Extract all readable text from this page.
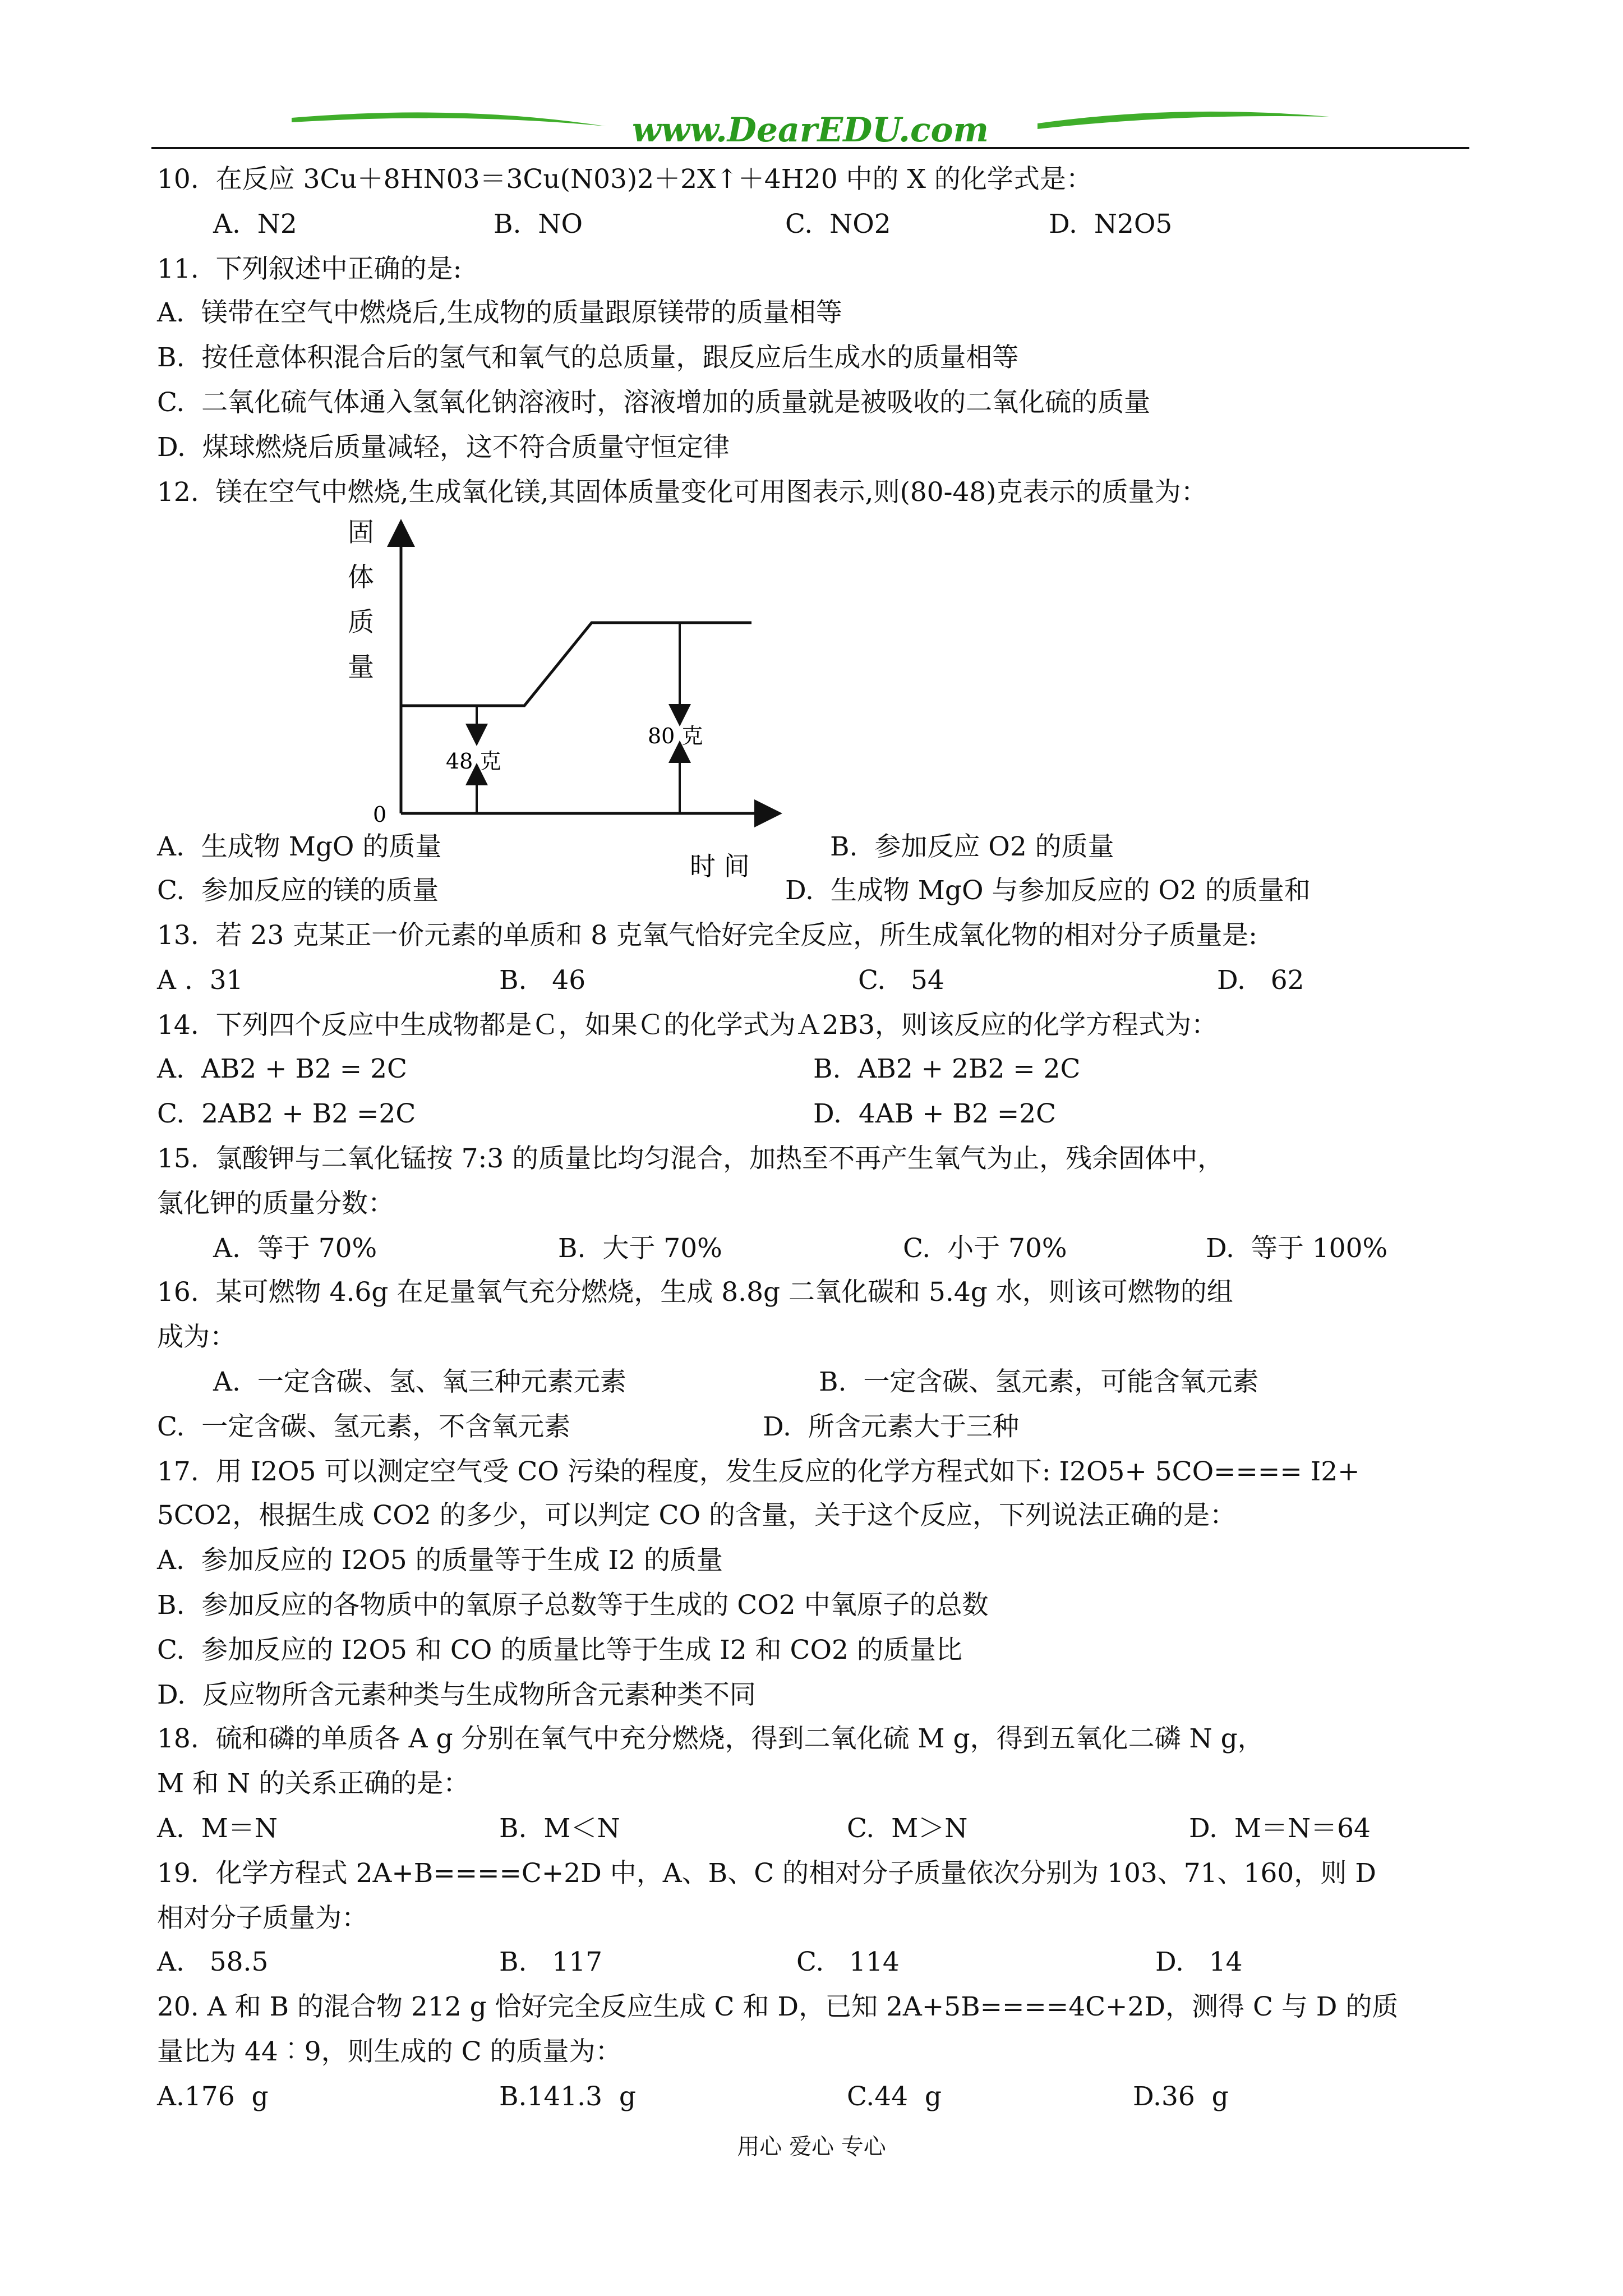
www.DearEDU.com
10.  在反应 3Cu＋8HN03＝3Cu(N03)2＋2X↑＋4H20 中的 X 的化学式是：
A.  N2	B.  NO	C.  NO2	D.  N2O5
11.  下列叙述中正确的是:
A.  镁带在空气中燃烧后,生成物的质量跟原镁带的质量相等
B.  按任意体积混合后的氢气和氧气的总质量，跟反应后生成水的质量相等
C.  二氧化硫气体通入氢氧化钠溶液时，溶液增加的质量就是被吸收的二氧化硫的质量
D.  煤球燃烧后质量减轻，这不符合质量守恒定律
12.  镁在空气中燃烧,生成氧化镁,其固体质量变化可用图表示,则(80-48)克表示的质量为：
A.  生成物 MgO 的质量	B.  参加反应 O2 的质量
C.  参加反应的镁的质量	D.  生成物 MgO 与参加反应的 O2 的质量和
13.  若 23 克某正一价元素的单质和 8 克氧气恰好完全反应，所生成氧化物的相对分子质量是:
A .  31	B.   46	C.   54	D.   62
14.  下列四个反应中生成物都是Ｃ，如果Ｃ的化学式为Ａ2B3，则该反应的化学方程式为：
A.  AB2 + B2 = 2C	B.  AB2 + 2B2 = 2C
C.  2AB2 + B2 =2C	D.  4AB + B2 =2C
15.  氯酸钾与二氧化锰按 7:3 的质量比均匀混合，加热至不再产生氧气为止，残余固体中，
氯化钾的质量分数：
A.  等于 70%	B.  大于 70%	C.  小于 70%	D.  等于 100%
16.  某可燃物 4.6g 在足量氧气充分燃烧，生成 8.8g 二氧化碳和 5.4g 水，则该可燃物的组
成为：
A.  一定含碳、氢、氧三种元素元素	B.  一定含碳、氢元素，可能含氧元素
C.  一定含碳、氢元素，不含氧元素	D.  所含元素大于三种
17.  用 I2O5 可以测定空气受 CO 污染的程度，发生反应的化学方程式如下: I2O5+ 5CO==== I2+
5CO2，根据生成 CO2 的多少，可以判定 CO 的含量，关于这个反应，下列说法正确的是：
A.  参加反应的 I2O5 的质量等于生成 I2 的质量
B.  参加反应的各物质中的氧原子总数等于生成的 CO2 中氧原子的总数
C.  参加反应的 I2O5 和 CO 的质量比等于生成 I2 和 CO2 的质量比
D.  反应物所含元素种类与生成物所含元素种类不同
18.  硫和磷的单质各 A g 分别在氧气中充分燃烧，得到二氧化硫 M g，得到五氧化二磷 N g，
M 和 N 的关系正确的是：
A.  M＝N	B.  M＜N	C.  M＞N	D.  M＝N＝64
19.  化学方程式 2A+B====C+2D 中，A、B、C 的相对分子质量依次分别为 103、71、160，则 D
相对分子质量为：
A.   58.5	B.   117	C.   114	D.   14
20. A 和 B 的混合物 212 g 恰好完全反应生成 C 和 D，已知 2A+5B====4C+2D，测得 C 与 D 的质
量比为 44︰9，则生成的 C 的质量为：
A.176  g	B.141.3  g	C.44  g	D.36  g
固
体
质
量
48 克
80 克
0
时 间
用心 爱心 专心
